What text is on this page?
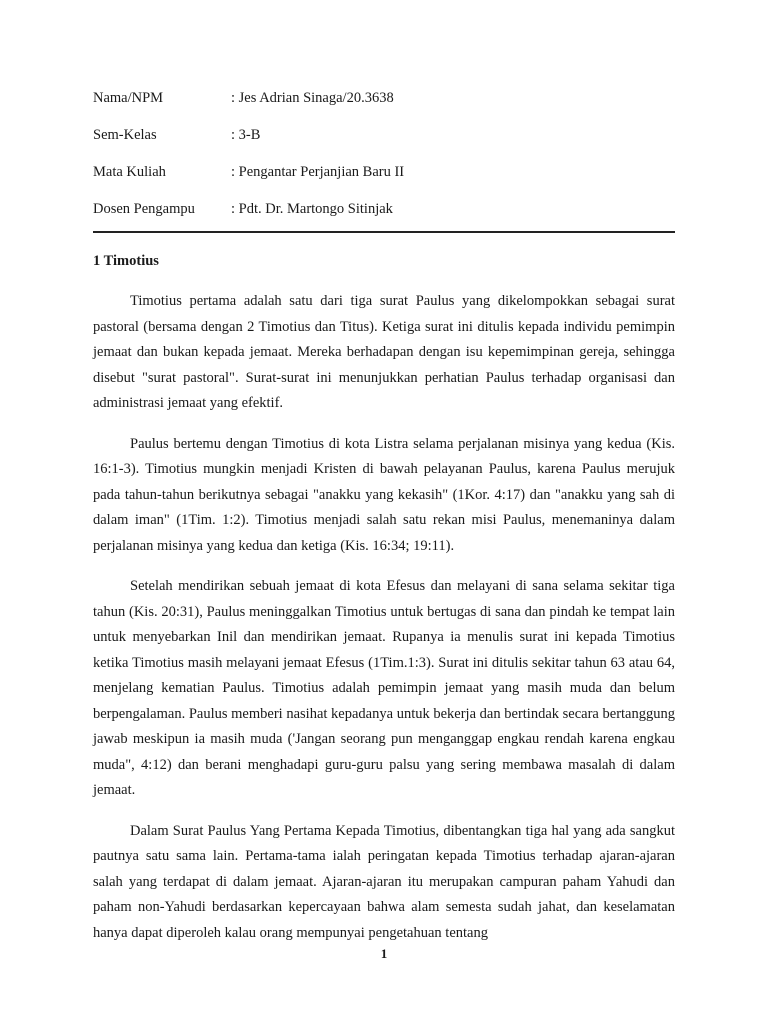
Nama/NPM	: Jes Adrian Sinaga/20.3638
Sem-Kelas	: 3-B
Mata Kuliah	: Pengantar Perjanjian Baru II
Dosen Pengampu	: Pdt. Dr. Martongo Sitinjak
1 Timotius

Timotius pertama adalah satu dari tiga surat Paulus yang dikelompokkan sebagai surat pastoral (bersama dengan 2 Timotius dan Titus). Ketiga surat ini ditulis kepada individu pemimpin jemaat dan bukan kepada jemaat. Mereka berhadapan dengan isu kepemimpinan gereja, sehingga disebut "surat pastoral". Surat-surat ini menunjukkan perhatian Paulus terhadap organisasi dan administrasi jemaat yang efektif.

Paulus bertemu dengan Timotius di kota Listra selama perjalanan misinya yang kedua (Kis. 16:1-3). Timotius mungkin menjadi Kristen di bawah pelayanan Paulus, karena Paulus merujuk pada tahun-tahun berikutnya sebagai "anakku yang kekasih" (1Kor. 4:17) dan "anakku yang sah di dalam iman" (1Tim. 1:2). Timotius menjadi salah satu rekan misi Paulus, menemaninya dalam perjalanan misinya yang kedua dan ketiga (Kis. 16:34; 19:11).

Setelah mendirikan sebuah jemaat di kota Efesus dan melayani di sana selama sekitar tiga tahun (Kis. 20:31), Paulus meninggalkan Timotius untuk bertugas di sana dan pindah ke tempat lain untuk menyebarkan Inil dan mendirikan jemaat. Rupanya ia menulis surat ini kepada Timotius ketika Timotius masih melayani jemaat Efesus (1Tim.1:3). Surat ini ditulis sekitar tahun 63 atau 64, menjelang kematian Paulus. Timotius adalah pemimpin jemaat yang masih muda dan belum berpengalaman. Paulus memberi nasihat kepadanya untuk bekerja dan bertindak secara bertanggung jawab meskipun ia masih muda ('Jangan seorang pun menganggap engkau rendah karena engkau muda", 4:12) dan berani menghadapi guru-guru palsu yang sering membawa masalah di dalam jemaat.

Dalam Surat Paulus Yang Pertama Kepada Timotius, dibentangkan tiga hal yang ada sangkut pautnya satu sama lain. Pertama-tama ialah peringatan kepada Timotius terhadap ajaran-ajaran salah yang terdapat di dalam jemaat. Ajaran-ajaran itu merupakan campuran paham Yahudi dan paham non-Yahudi berdasarkan kepercayaan bahwa alam semesta sudah jahat, dan keselamatan hanya dapat diperoleh kalau orang mempunyai pengetahuan tentang

1
